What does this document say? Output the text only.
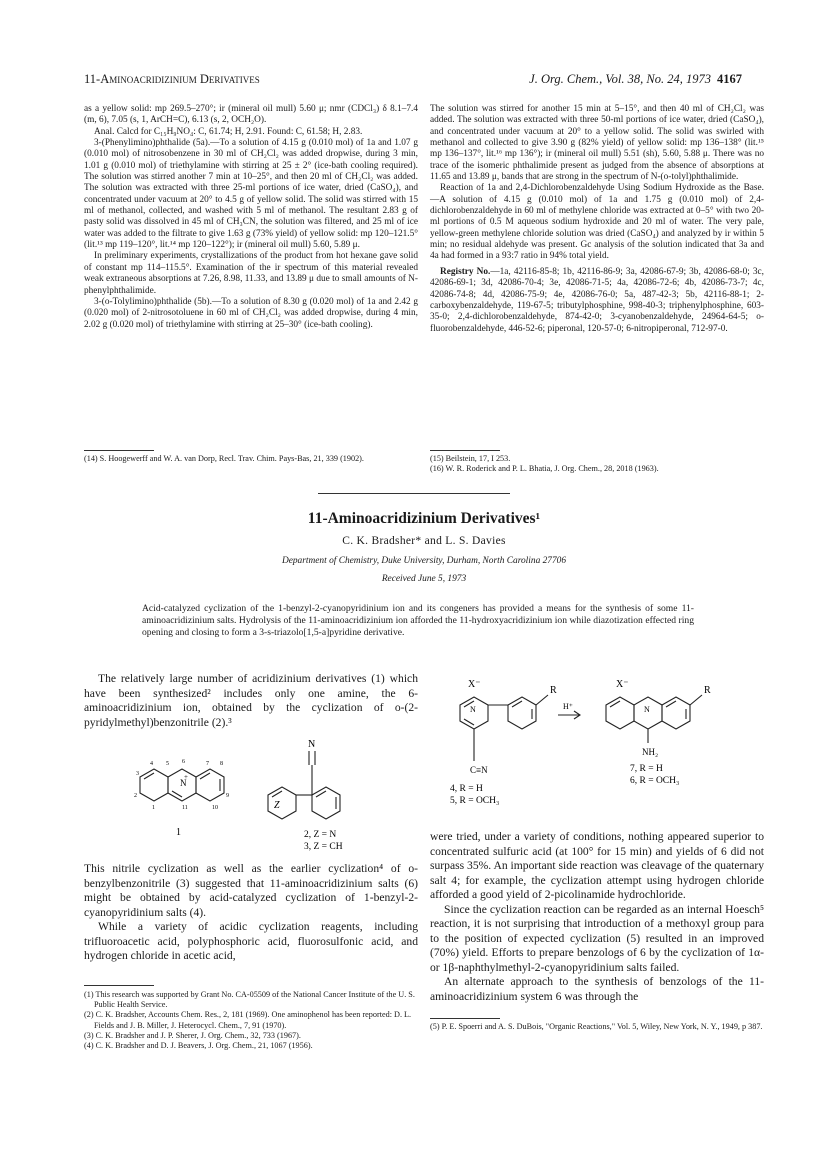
11-Aminoacridizinium Derivatives	J. Org. Chem., Vol. 38, No. 24, 1973 4167

as a yellow solid: mp 269.5–270°; ir (mineral oil mull) 5.60 μ; nmr (CDCl₃) δ 8.1–7.4 (m, 6), 7.05 (s, 1, ArCH=C), 6.13 (s, 2, OCH₂O).

Anal. Calcd for C₁₅H₉NO₄: C, 61.74; H, 2.91. Found: C, 61.58; H, 2.83.

3-(Phenylimino)phthalide (5a).—To a solution of 4.15 g (0.010 mol) of 1a and 1.07 g (0.010 mol) of nitrosobenzene in 30 ml of CH₂Cl₂ was added dropwise, during 3 min, 1.01 g (0.010 mol) of triethylamine with stirring at 25 ± 2° (ice-bath cooling required). The solution was stirred another 7 min at 10–25°, and then 20 ml of CH₂Cl₂ was added. The solution was extracted with three 25-ml portions of ice water, dried (CaSO₄), and concentrated under vacuum at 20° to 4.5 g of yellow solid. The solid was stirred with 15 ml of methanol, collected, and washed with 5 ml of methanol. The resultant 2.83 g of pasty solid was dissolved in 45 ml of CH₃CN, the solution was filtered, and 25 ml of ice water was added to the filtrate to give 1.63 g (73% yield) of yellow solid: mp 120–121.5° (lit.¹³ mp 119–120°, lit.¹⁴ mp 120–122°); ir (mineral oil mull) 5.60, 5.89 μ.

In preliminary experiments, crystallizations of the product from hot hexane gave solid of constant mp 114–115.5°. Examination of the ir spectrum of this material revealed weak extraneous absorptions at 7.26, 8.98, 11.33, and 13.89 μ due to small amounts of N-phenylphthalimide.

3-(o-Tolylimino)phthalide (5b).—To a solution of 8.30 g (0.020 mol) of 1a and 2.42 g (0.020 mol) of 2-nitrosotoluene in 60 ml of CH₂Cl₂ was added dropwise, during 4 min, 2.02 g (0.020 mol) of triethylamine with stirring at 25–30° (ice-bath cooling).

(14) S. Hoogewerff and W. A. van Dorp, Recl. Trav. Chim. Pays-Bas, 21, 339 (1902).

The solution was stirred for another 15 min at 5–15°, and then 40 ml of CH₂Cl₂ was added. The solution was extracted with three 50-ml portions of ice water, dried (CaSO₄), and concentrated under vacuum at 20° to a yellow solid. The solid was swirled with methanol and collected to give 3.90 g (82% yield) of yellow solid: mp 136–138° (lit.¹⁵ mp 136–137°, lit.¹⁶ mp 136°); ir (mineral oil mull) 5.51 (sh), 5.60, 5.88 μ. There was no trace of the isomeric phthalimide present as judged from the absence of absorptions at 11.65 and 13.89 μ, bands that are strong in the spectrum of N-(o-tolyl)phthalimide.

Reaction of 1a and 2,4-Dichlorobenzaldehyde Using Sodium Hydroxide as the Base.—A solution of 4.15 g (0.010 mol) of 1a and 1.75 g (0.010 mol) of 2,4-dichlorobenzaldehyde in 60 ml of methylene chloride was extracted at 0–5° with two 20-ml portions of 0.5 M aqueous sodium hydroxide and 20 ml of water. The very pale, yellow-green methylene chloride solution was dried (CaSO₄) and analyzed by ir within 5 min; no residual aldehyde was present. Gc analysis of the solution indicated that 3a and 4a had formed in a 93:7 ratio in 94% total yield.

Registry No.—1a, 42116-85-8; 1b, 42116-86-9; 3a, 42086-67-9; 3b, 42086-68-0; 3c, 42086-69-1; 3d, 42086-70-4; 3e, 42086-71-5; 4a, 42086-72-6; 4b, 42086-73-7; 4c, 42086-74-8; 4d, 42086-75-9; 4e, 42086-76-0; 5a, 487-42-3; 5b, 42116-88-1; 2-carboxybenzaldehyde, 119-67-5; tributylphosphine, 998-40-3; triphenylphosphine, 603-35-0; 2,4-dichlorobenzaldehyde, 874-42-0; 3-cyanobenzaldehyde, 24964-64-5; o-fluorobenzaldehyde, 446-52-6; piperonal, 120-57-0; 6-nitropiperonal, 712-97-0.

(15) Beilstein, 17, I 253.

(16) W. R. Roderick and P. L. Bhatia, J. Org. Chem., 28, 2018 (1963).

11-Aminoacridizinium Derivatives¹
C. K. Bradsher* and L. S. Davies
Department of Chemistry, Duke University, Durham, North Carolina 27706
Received June 5, 1973
Acid-catalyzed cyclization of the 1-benzyl-2-cyanopyridinium ion and its congeners has provided a means for the synthesis of some 11-aminoacridizinium salts. Hydrolysis of the 11-aminoacridizinium ion afforded the 11-hydroxyacridizinium ion while diazotization effected ring opening and closing to form a 3-s-triazolo[1,5-a]pyridine derivative.

The relatively large number of acridizinium derivatives (1) which have been synthesized² includes only one amine, the 6-aminoacridizinium ion, obtained by the cyclization of o-(2-pyridylmethyl)benzonitrile (2).³

N
+
Z
N
1	2, Z = N
3, Z = CH
4 5 6	7 8
3
2
1	11	10
9

This nitrile cyclization as well as the earlier cyclization⁴ of o-benzylbenzonitrile (3) suggested that 11-aminoacridizinium salts (6) might be obtained by acid-catalyzed cyclization of 1-benzyl-2-cyanopyridinium salts (4).

While a variety of acidic cyclization reagents, including trifluoroacetic acid, polyphosphoric acid, fluorosulfonic acid, and hydrogen chloride in acetic acid,

(1) This research was supported by Grant No. CA-05509 of the National Cancer Institute of the U. S. Public Health Service.

(2) C. K. Bradsher, Accounts Chem. Res., 2, 181 (1969). One aminophenol has been reported: D. L. Fields and J. B. Miller, J. Heterocycl. Chem., 7, 91 (1970).

(3) C. K. Bradsher and J. P. Sherer, J. Org. Chem., 32, 733 (1967).

(4) C. K. Bradsher and D. J. Beavers, J. Org. Chem., 21, 1067 (1956).

X⁻
N
R
C≡N
H⁺
X⁻
N
R
NH₂
4, R = H
5, R = OCH₃
7, R = H
6, R = OCH₃

were tried, under a variety of conditions, nothing appeared superior to concentrated sulfuric acid (at 100° for 15 min) and yields of 6 did not surpass 35%. An important side reaction was cleavage of the quaternary salt 4; for example, the cyclization attempt using hydrogen chloride afforded a good yield of 2-picolinamide hydrochloride.

Since the cyclization reaction can be regarded as an internal Hoesch⁵ reaction, it is not surprising that introduction of a methoxyl group para to the position of expected cyclization (5) resulted in an improved (70%) yield. Efforts to prepare benzologs of 6 by the cyclization of 1α- or 1β-naphthylmethyl-2-cyanopyridinium salts failed.

An alternate approach to the synthesis of benzologs of the 11-aminoacridizinium system 6 was through the

(5) P. E. Spoerri and A. S. DuBois, "Organic Reactions," Vol. 5, Wiley, New York, N. Y., 1949, p 387.
